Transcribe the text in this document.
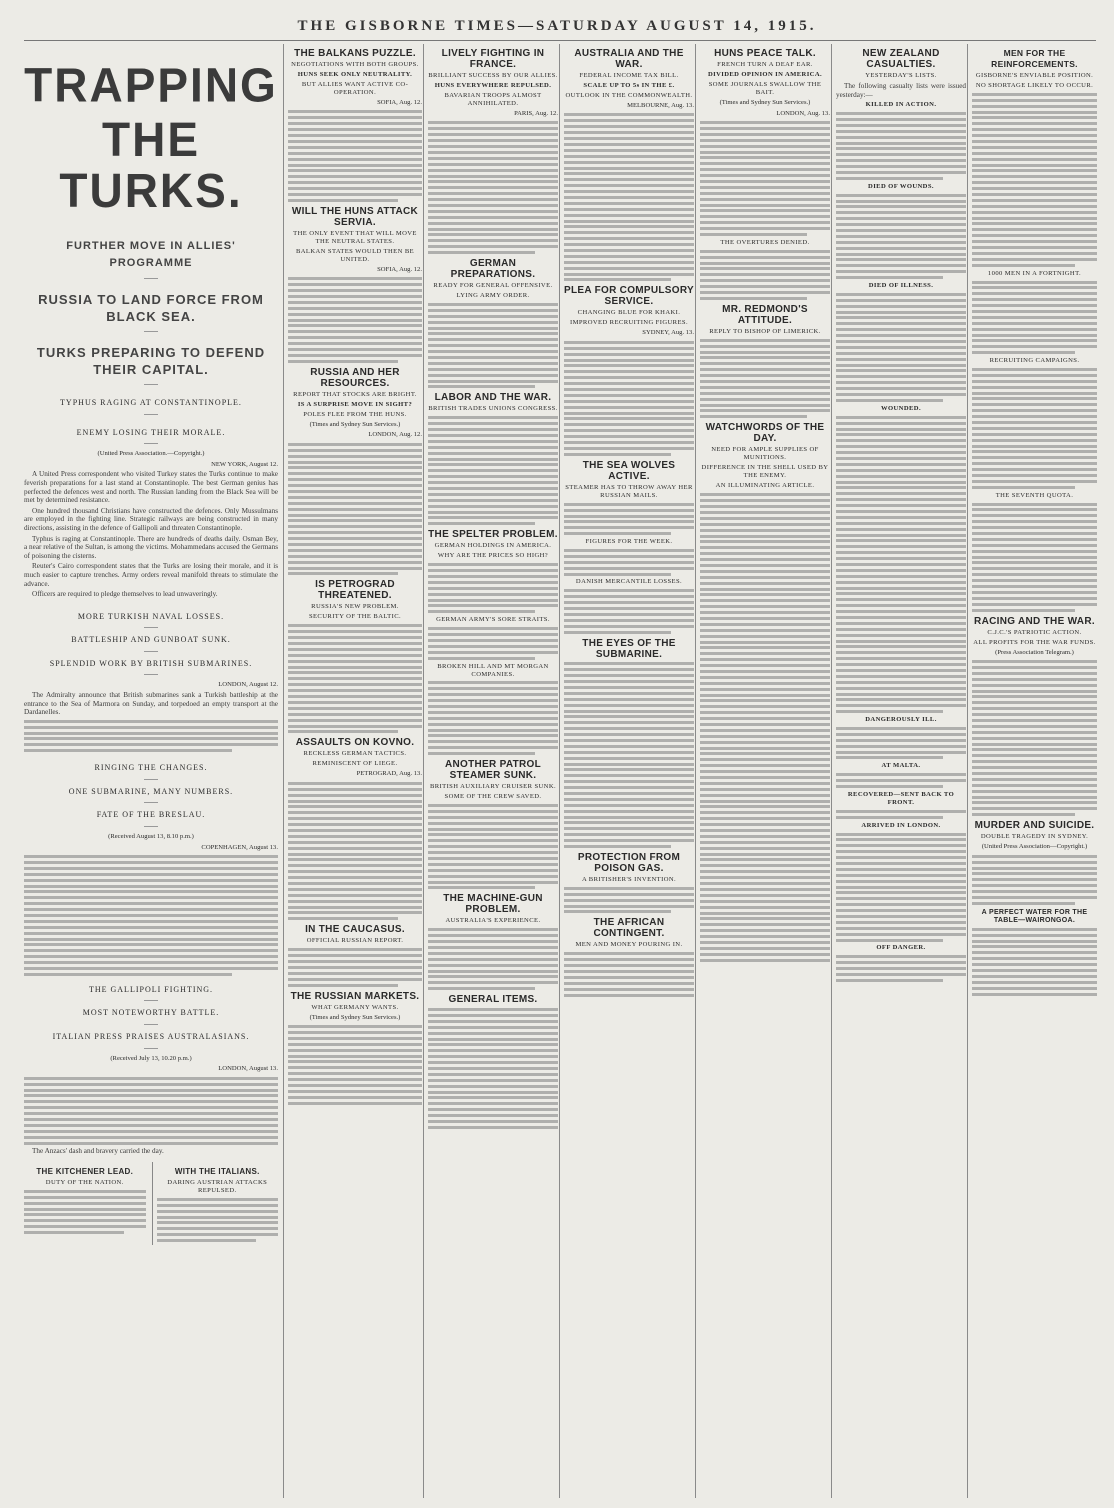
THE GISBORNE TIMES—SATURDAY AUGUST 14, 1915.
TRAPPING THE
TURKS.
FURTHER MOVE IN ALLIES' PROGRAMME
RUSSIA TO LAND FORCE FROM BLACK SEA.
TURKS PREPARING TO DEFEND THEIR CAPITAL.
TYPHUS RAGING AT CONSTANTINOPLE.
ENEMY LOSING THEIR MORALE.
(United Press Association.—Copyright.)
NEW YORK, August 12.

A United Press correspondent who visited Turkey states the Turks continue to make feverish preparations for a last stand at Constantinople. The best German genius has perfected the defences west and north. The Russian landing from the Black Sea will be met by determined resistance.

One hundred thousand Christians have constructed the defences. Only Mussulmans are employed in the fighting line. Strategic railways are being constructed in many directions, assisting in the defence of Gallipoli and threaten Constantinople.

Typhus is raging at Constantinople. There are hundreds of deaths daily. Osman Bey, a near relative of the Sultan, is among the victims. Mohammedans accused the Germans of poisoning the cisterns.

Reuter's Cairo correspondent states that the Turks are losing their morale, and it is much easier to capture trenches. Army orders reveal manifold threats to stimulate the advance.

Officers are required to pledge themselves to lead unwaveringly.

MORE TURKISH NAVAL LOSSES.
BATTLESHIP AND GUNBOAT SUNK.
SPLENDID WORK BY BRITISH SUBMARINES.
LONDON, August 12.

The Admiralty announce that British submarines sank a Turkish battleship at the entrance to the Sea of Marmora on Sunday, and torpedoed an empty transport at the Dardanelles.

RINGING THE CHANGES.
ONE SUBMARINE, MANY NUMBERS.
FATE OF THE BRESLAU.
(Received August 13, 8.10 p.m.)
COPENHAGEN, August 13.
THE GALLIPOLI FIGHTING.
MOST NOTEWORTHY BATTLE.
ITALIAN PRESS PRAISES AUSTRALASIANS.
(Received July 13, 10.20 p.m.)
LONDON, August 13.

The Anzacs' dash and bravery carried the day.

THE KITCHENER LEAD.
DUTY OF THE NATION.
WITH THE ITALIANS.
DARING AUSTRIAN ATTACKS REPULSED.
THE BALKANS PUZZLE.
NEGOTIATIONS WITH BOTH GROUPS.
HUNS SEEK ONLY NEUTRALITY.
BUT ALLIES WANT ACTIVE CO-OPERATION.
SOFIA, Aug. 12.
WILL THE HUNS ATTACK SERVIA.
THE ONLY EVENT THAT WILL MOVE THE NEUTRAL STATES.
BALKAN STATES WOULD THEN BE UNITED.
SOFIA, Aug. 12.
RUSSIA AND HER RESOURCES.
REPORT THAT STOCKS ARE BRIGHT.
IS A SURPRISE MOVE IN SIGHT?
POLES FLEE FROM THE HUNS.
(Times and Sydney Sun Services.)
LONDON, Aug. 12.
IS PETROGRAD THREATENED.
RUSSIA'S NEW PROBLEM.
SECURITY OF THE BALTIC.
ASSAULTS ON KOVNO.
RECKLESS GERMAN TACTICS.
REMINISCENT OF LIEGE.
PETROGRAD, Aug. 13.
IN THE CAUCASUS.
OFFICIAL RUSSIAN REPORT.
THE RUSSIAN MARKETS.
WHAT GERMANY WANTS.
(Times and Sydney Sun Services.)
LIVELY FIGHTING IN FRANCE.
BRILLIANT SUCCESS BY OUR ALLIES.
HUNS EVERYWHERE REPULSED.
BAVARIAN TROOPS ALMOST ANNIHILATED.
PARIS, Aug. 12.
GERMAN PREPARATIONS.
READY FOR GENERAL OFFENSIVE.
LYING ARMY ORDER.
LABOR AND THE WAR.
BRITISH TRADES UNIONS CONGRESS.
THE SPELTER PROBLEM.
GERMAN HOLDINGS IN AMERICA.
WHY ARE THE PRICES SO HIGH?
GERMAN ARMY'S SORE STRAITS.
BROKEN HILL AND MT MORGAN COMPANIES.
ANOTHER PATROL STEAMER SUNK.
BRITISH AUXILIARY CRUISER SUNK.
SOME OF THE CREW SAVED.
THE MACHINE-GUN PROBLEM.
AUSTRALIA'S EXPERIENCE.
GENERAL ITEMS.
AUSTRALIA AND THE WAR.
FEDERAL INCOME TAX BILL.
SCALE UP TO 5s IN THE £.
OUTLOOK IN THE COMMONWEALTH.
MELBOURNE, Aug. 13.
PLEA FOR COMPULSORY SERVICE.
CHANGING BLUE FOR KHAKI.
IMPROVED RECRUITING FIGURES.
SYDNEY, Aug. 13.
THE SEA WOLVES ACTIVE.
STEAMER HAS TO THROW AWAY HER RUSSIAN MAILS.
FIGURES FOR THE WEEK.
DANISH MERCANTILE LOSSES.
THE EYES OF THE SUBMARINE.
PROTECTION FROM POISON GAS.
A BRITISHER'S INVENTION.
THE AFRICAN CONTINGENT.
MEN AND MONEY POURING IN.
HUNS PEACE TALK.
FRENCH TURN A DEAF EAR.
DIVIDED OPINION IN AMERICA.
SOME JOURNALS SWALLOW THE BAIT.
(Times and Sydney Sun Services.)
LONDON, Aug. 13.
THE OVERTURES DENIED.
MR. REDMOND'S ATTITUDE.
REPLY TO BISHOP OF LIMERICK.
WATCHWORDS OF THE DAY.
NEED FOR AMPLE SUPPLIES OF MUNITIONS.
DIFFERENCE IN THE SHELL USED BY THE ENEMY.
AN ILLUMINATING ARTICLE.
NEW ZEALAND CASUALTIES.
YESTERDAY'S LISTS.

The following casualty lists were issued yesterday:—

KILLED IN ACTION.
DIED OF WOUNDS.
DIED OF ILLNESS.
WOUNDED.
DANGEROUSLY ILL.
AT MALTA.
RECOVERED—SENT BACK TO FRONT.
ARRIVED IN LONDON.
OFF DANGER.
MEN FOR THE REINFORCEMENTS.
GISBORNE'S ENVIABLE POSITION.
NO SHORTAGE LIKELY TO OCCUR.
1000 MEN IN A FORTNIGHT.
RECRUITING CAMPAIGNS.
THE SEVENTH QUOTA.
RACING AND THE WAR.
C.J.C.'S PATRIOTIC ACTION.
ALL PROFITS FOR THE WAR FUNDS.
(Press Association Telegram.)
MURDER AND SUICIDE.
DOUBLE TRAGEDY IN SYDNEY.
(United Press Association—Copyright.)
A PERFECT WATER FOR THE TABLE—WAIRONGOA.
